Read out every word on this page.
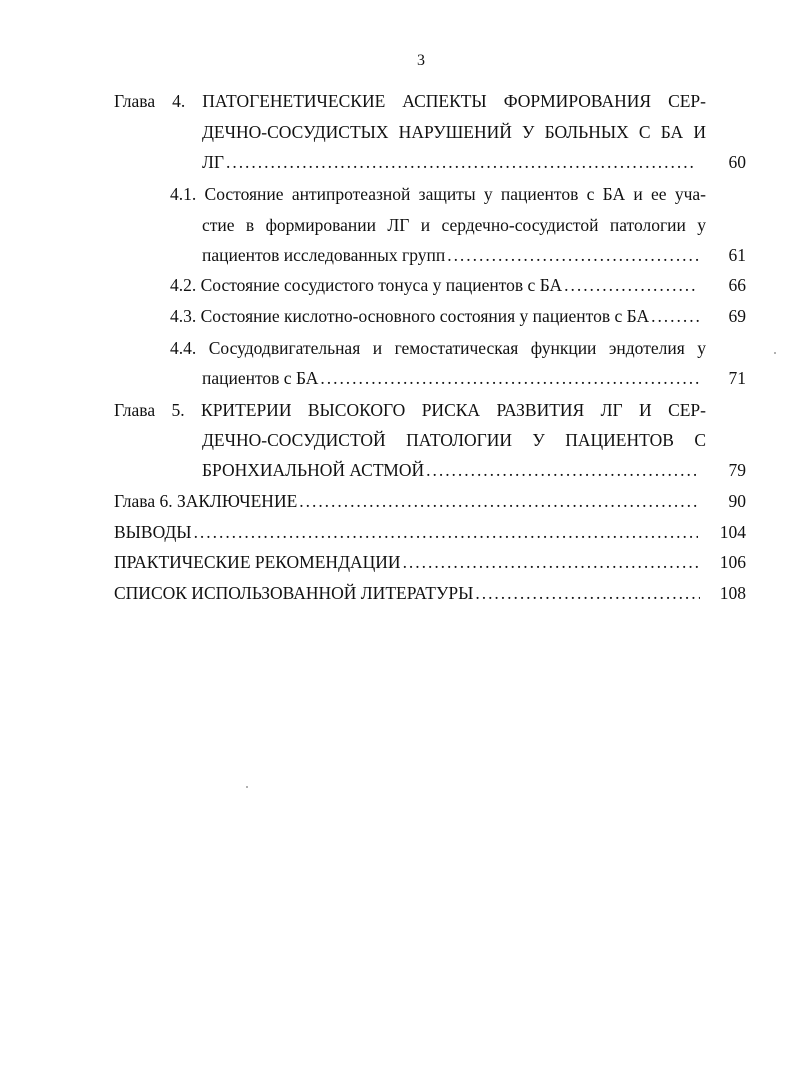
3
Глава 4. ПАТОГЕНЕТИЧЕСКИЕ АСПЕКТЫ ФОРМИРОВАНИЯ СЕР-
ДЕЧНО-СОСУДИСТЫХ НАРУШЕНИЙ У БОЛЬНЫХ С БА И
ЛГ . . .	60
4.1. Состояние антипротеазной защиты у пациентов с БА и ее уча-
стие в формировании ЛГ и сердечно-сосудистой патологии у
пациентов исследованных групп . . .	61
4.2. Состояние сосудистого тонуса у пациентов с БА . . .	66
4.3. Состояние кислотно-основного состояния у пациентов с БА . . .	69
4.4. Сосудодвигательная и гемостатическая функции эндотелия у
пациентов с БА . . .	71
Глава 5. КРИТЕРИИ ВЫСОКОГО РИСКА РАЗВИТИЯ ЛГ И СЕР-
ДЕЧНО-СОСУДИСТОЙ ПАТОЛОГИИ У ПАЦИЕНТОВ С
БРОНХИАЛЬНОЙ АСТМОЙ . . .	79
Глава 6. ЗАКЛЮЧЕНИЕ . . .	90
ВЫВОДЫ . . .	104
ПРАКТИЧЕСКИЕ РЕКОМЕНДАЦИИ . . .	106
СПИСОК ИСПОЛЬЗОВАННОЙ ЛИТЕРАТУРЫ . . .	108
